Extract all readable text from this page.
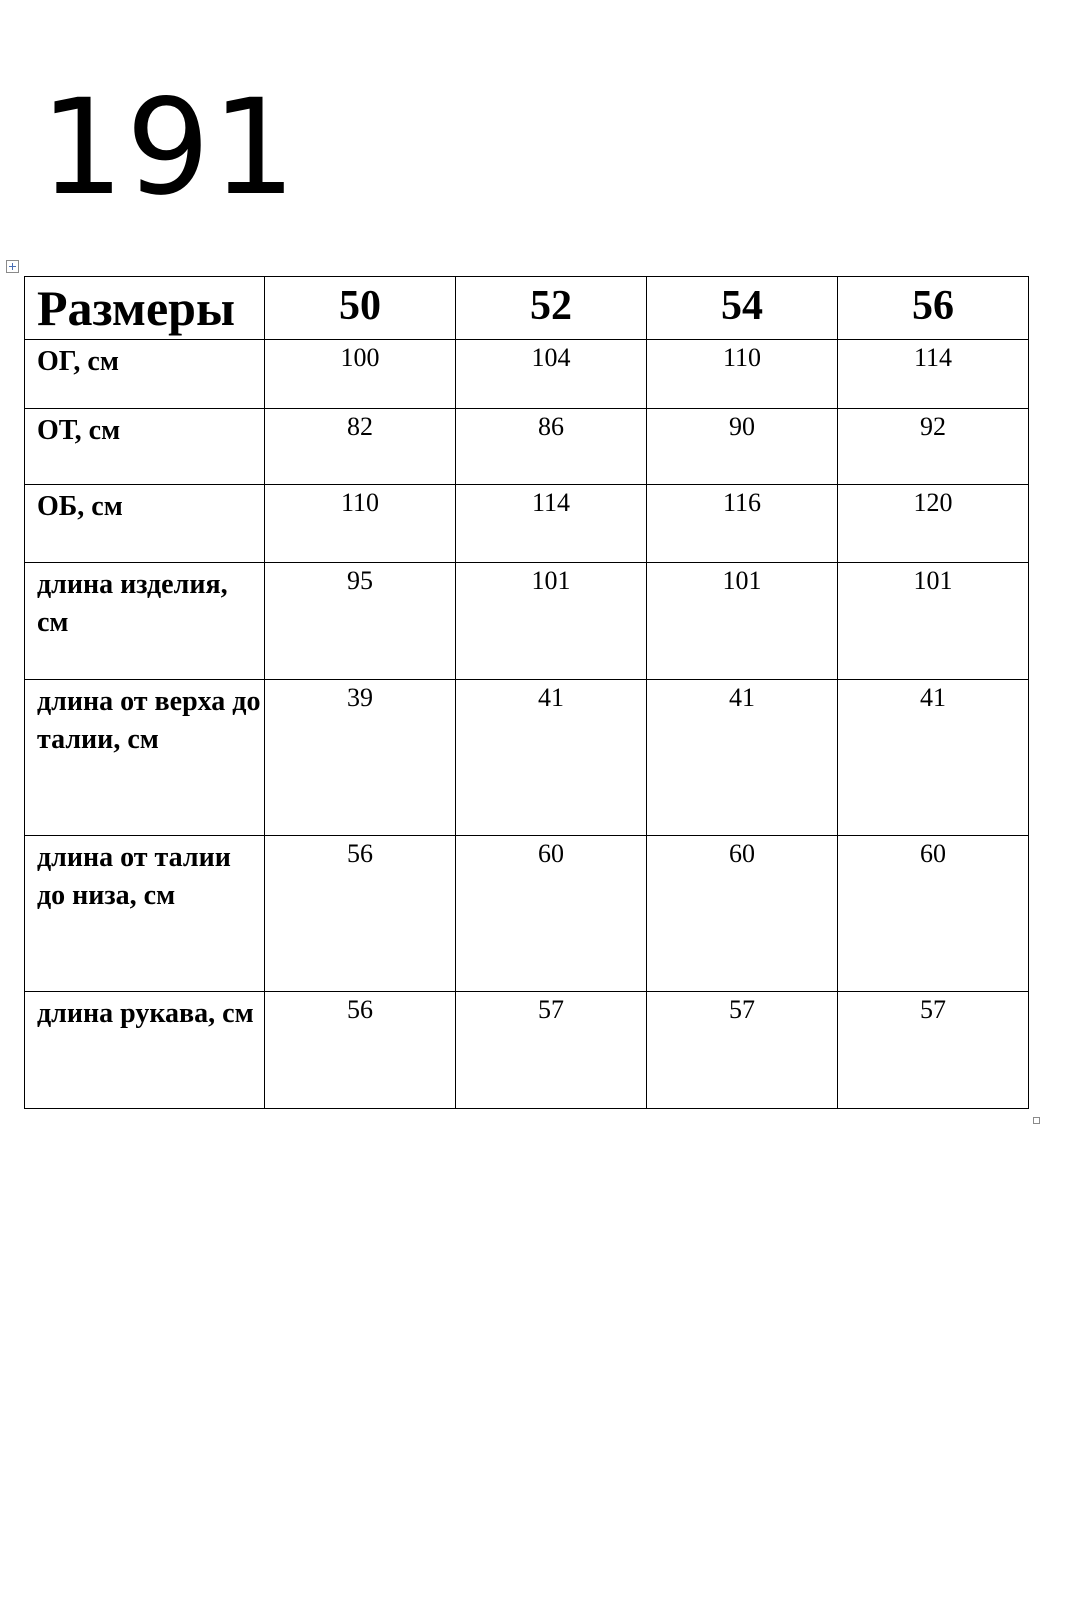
191
Размеры	50	52	54	56
ОГ, см	100	104	110	114
ОТ, см	82	86	90	92
ОБ, см	110	114	116	120
длина изделия, см	95	101	101	101
длина от верха до талии, см	39	41	41	41
длина от талии до низа, см	56	60	60	60
длина рукава, см	56	57	57	57
